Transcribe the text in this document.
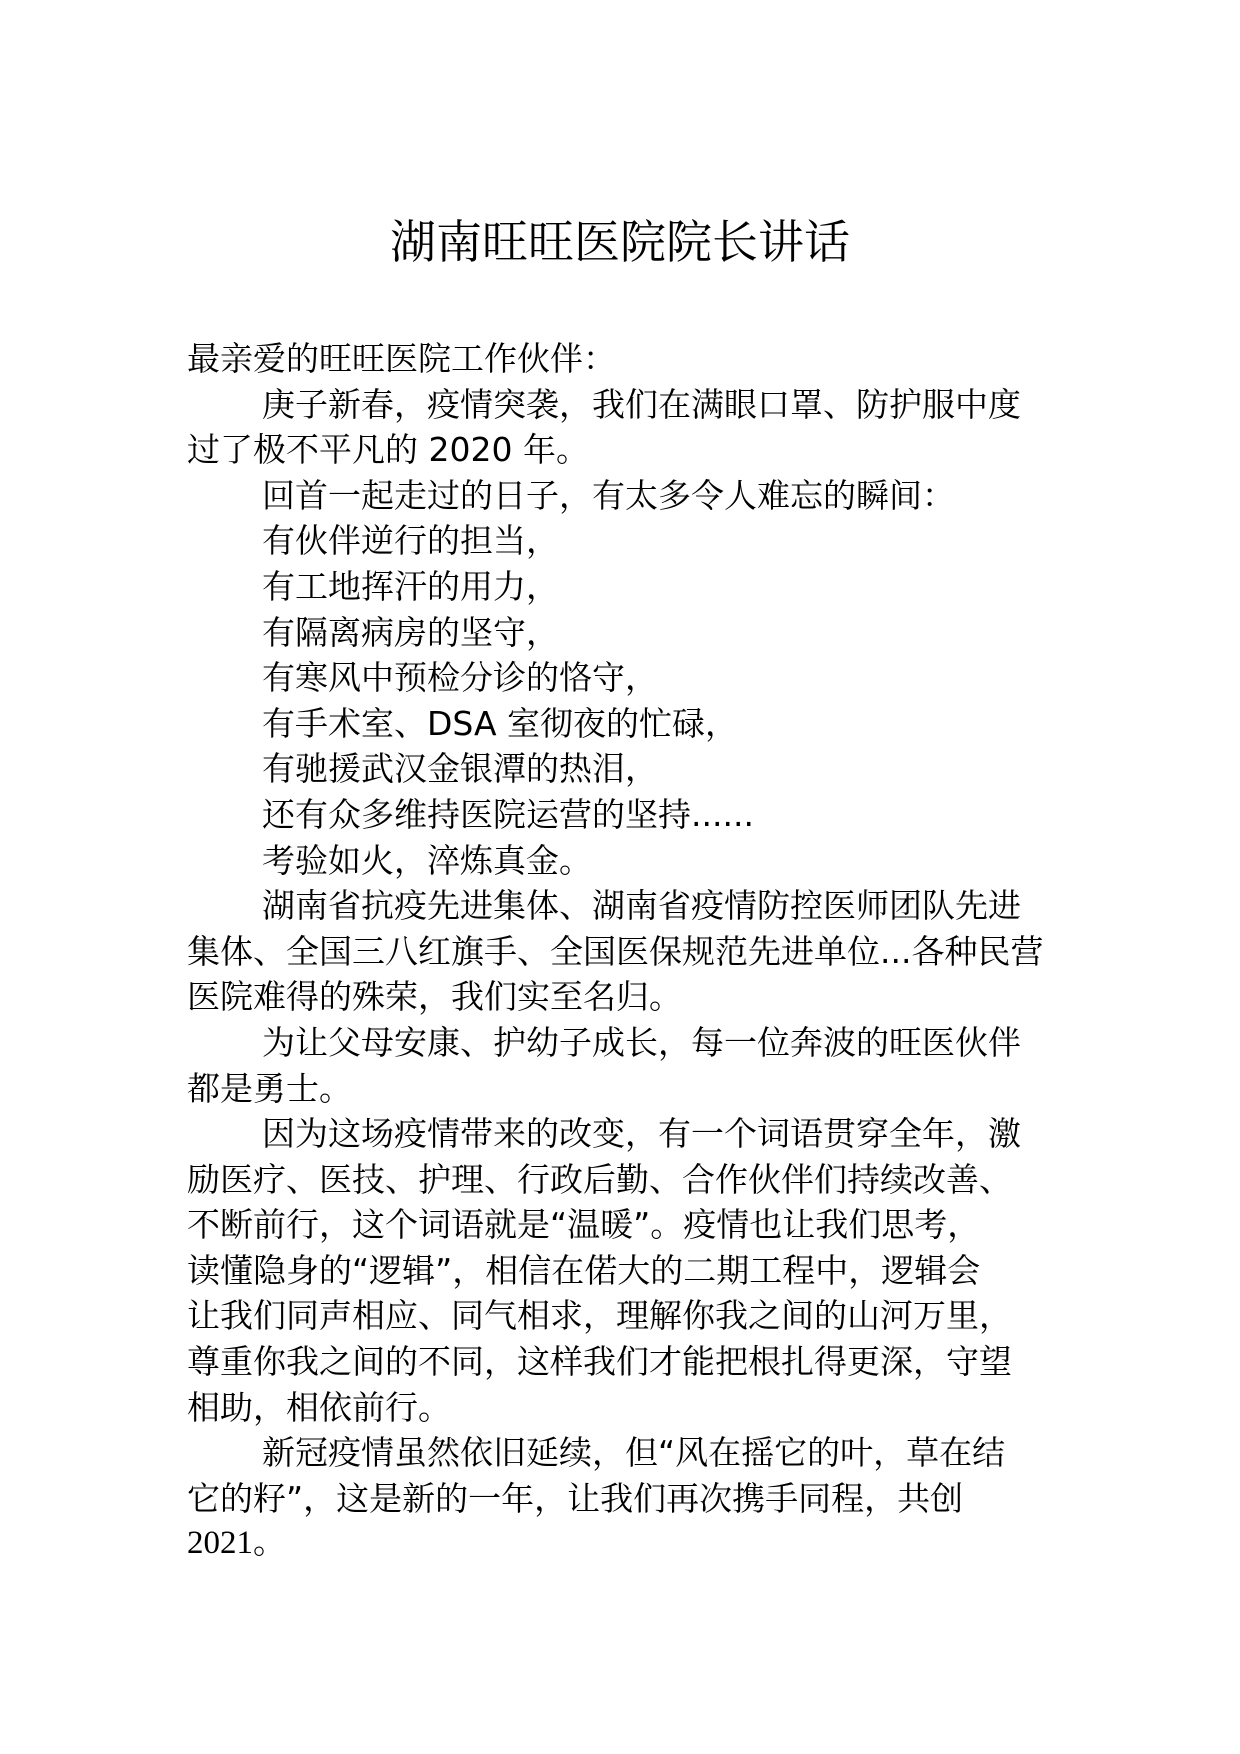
湖南旺旺医院院长讲话
最亲爱的旺旺医院工作伙伴：
庚子新春，疫情突袭，我们在满眼口罩、防护服中度
过了极不平凡的 2020 年。
回首一起走过的日子，有太多令人难忘的瞬间：
有伙伴逆行的担当，
有工地挥汗的用力，
有隔离病房的坚守，
有寒风中预检分诊的恪守，
有手术室、DSA 室彻夜的忙碌，
有驰援武汉金银潭的热泪，
还有众多维持医院运营的坚持......
考验如火，淬炼真金。
湖南省抗疫先进集体、湖南省疫情防控医师团队先进
集体、全国三八红旗手、全国医保规范先进单位...各种民营
医院难得的殊荣，我们实至名归。
为让父母安康、护幼子成长，每一位奔波的旺医伙伴
都是勇士。
因为这场疫情带来的改变，有一个词语贯穿全年，激
励医疗、医技、护理、行政后勤、合作伙伴们持续改善、
不断前行，这个词语就是“温暖”。疫情也让我们思考，
读懂隐身的“逻辑”，相信在偌大的二期工程中，逻辑会
让我们同声相应、同气相求，理解你我之间的山河万里，
尊重你我之间的不同，这样我们才能把根扎得更深，守望
相助，相依前行。
新冠疫情虽然依旧延续，但“风在摇它的叶，草在结
它的籽”，这是新的一年，让我们再次携手同程，共创
2021。
